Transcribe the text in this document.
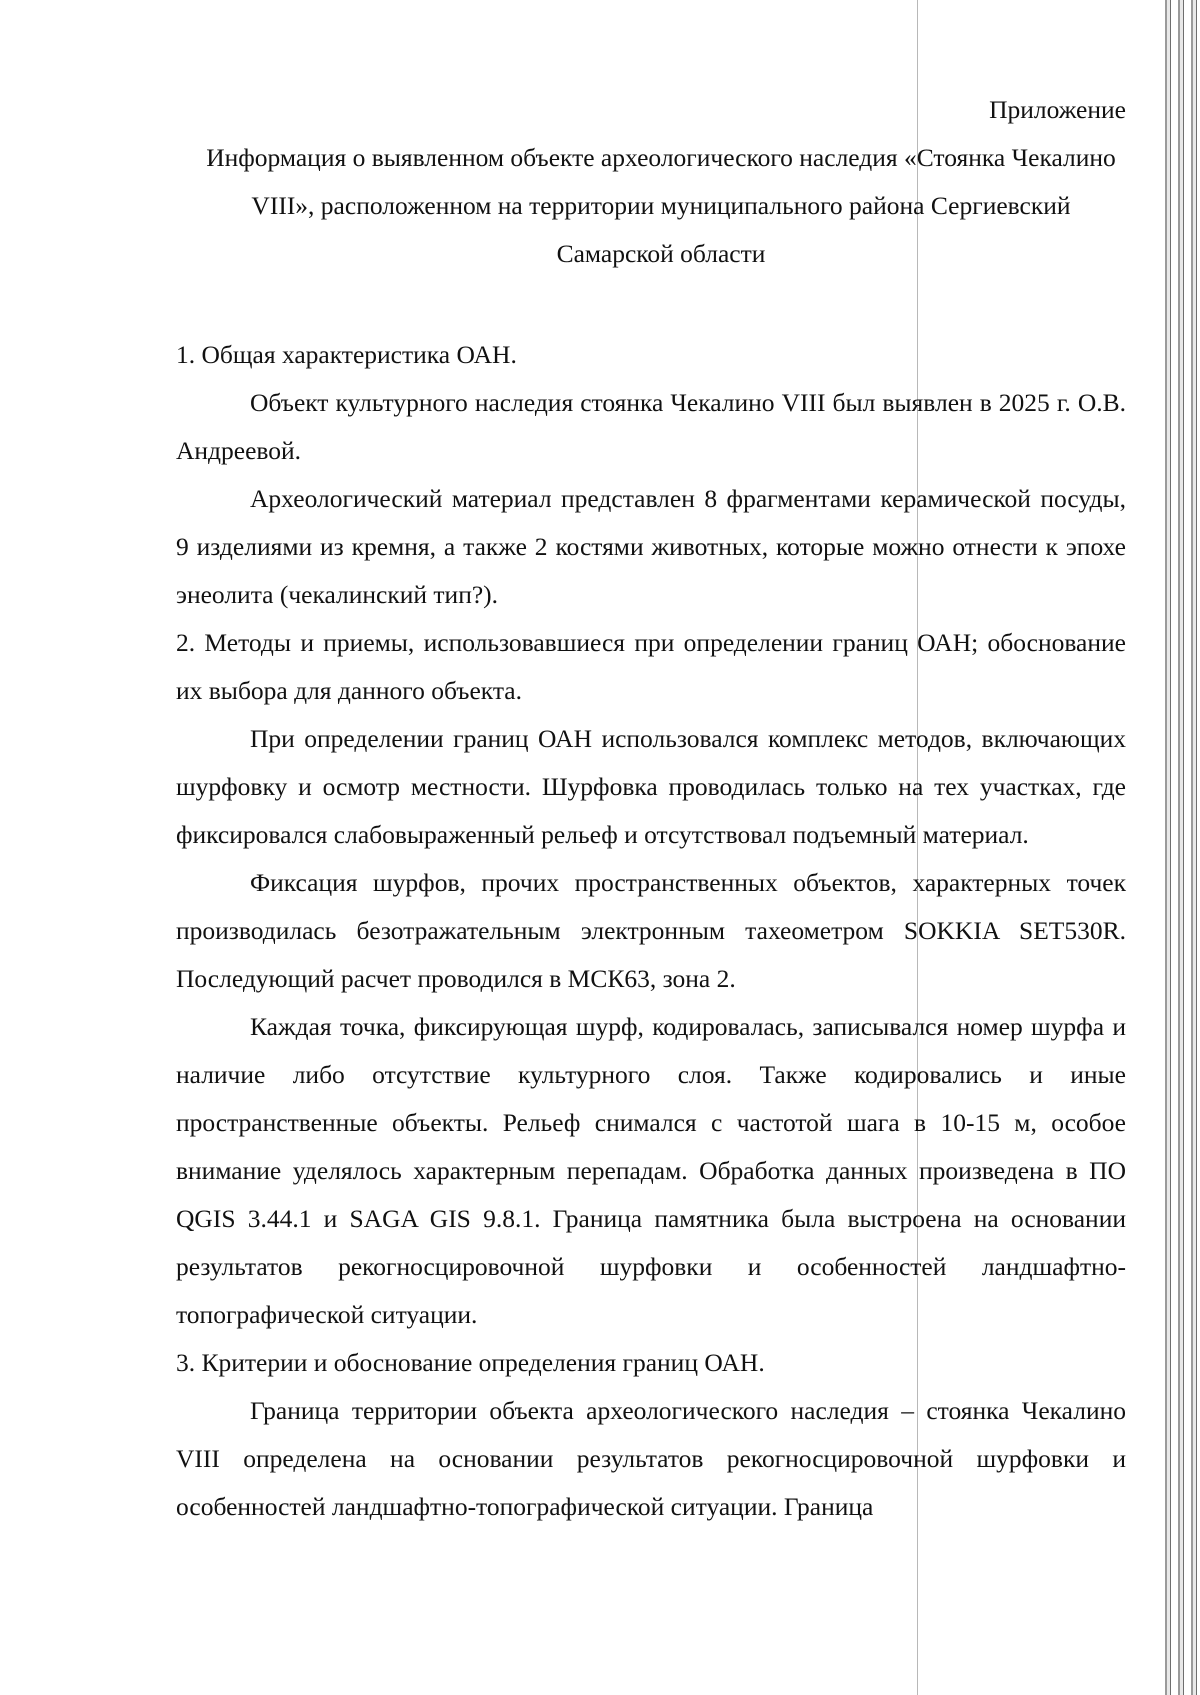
Приложение

Информация о выявленном объекте археологического наследия «Стоянка Чекалино VIII», расположенном на территории муниципального района Сергиевский Самарской области

1. Общая характеристика ОАН.

Объект культурного наследия стоянка Чекалино VIII был выявлен в 2025 г. О.В. Андреевой.

Археологический материал представлен 8 фрагментами керамической посуды, 9 изделиями из кремня, а также 2 костями животных, которые можно отнести к эпохе энеолита (чекалинский тип?).

2. Методы и приемы, использовавшиеся при определении границ ОАН; обоснование их выбора для данного объекта.

При определении границ ОАН использовался комплекс методов, включающих шурфовку и осмотр местности. Шурфовка проводилась только на тех участках, где фиксировался слабовыраженный рельеф и отсутствовал подъемный материал.

Фиксация шурфов, прочих пространственных объектов, характерных точек производилась безотражательным электронным тахеометром SOKKIA SET530R. Последующий расчет проводился в МСК63, зона 2.

Каждая точка, фиксирующая шурф, кодировалась, записывался номер шурфа и наличие либо отсутствие культурного слоя. Также кодировались и иные пространственные объекты. Рельеф снимался с частотой шага в 10-15 м, особое внимание уделялось характерным перепадам. Обработка данных произведена в ПО QGIS 3.44.1 и SAGA GIS 9.8.1. Граница памятника была выстроена на основании результатов рекогносцировочной шурфовки и особенностей ландшафтно-топографической ситуации.

3. Критерии и обоснование определения границ ОАН.

Граница территории объекта археологического наследия – стоянка Чекалино VIII определена на основании результатов рекогносцировочной шурфовки и особенностей ландшафтно-топографической ситуации. Граница
